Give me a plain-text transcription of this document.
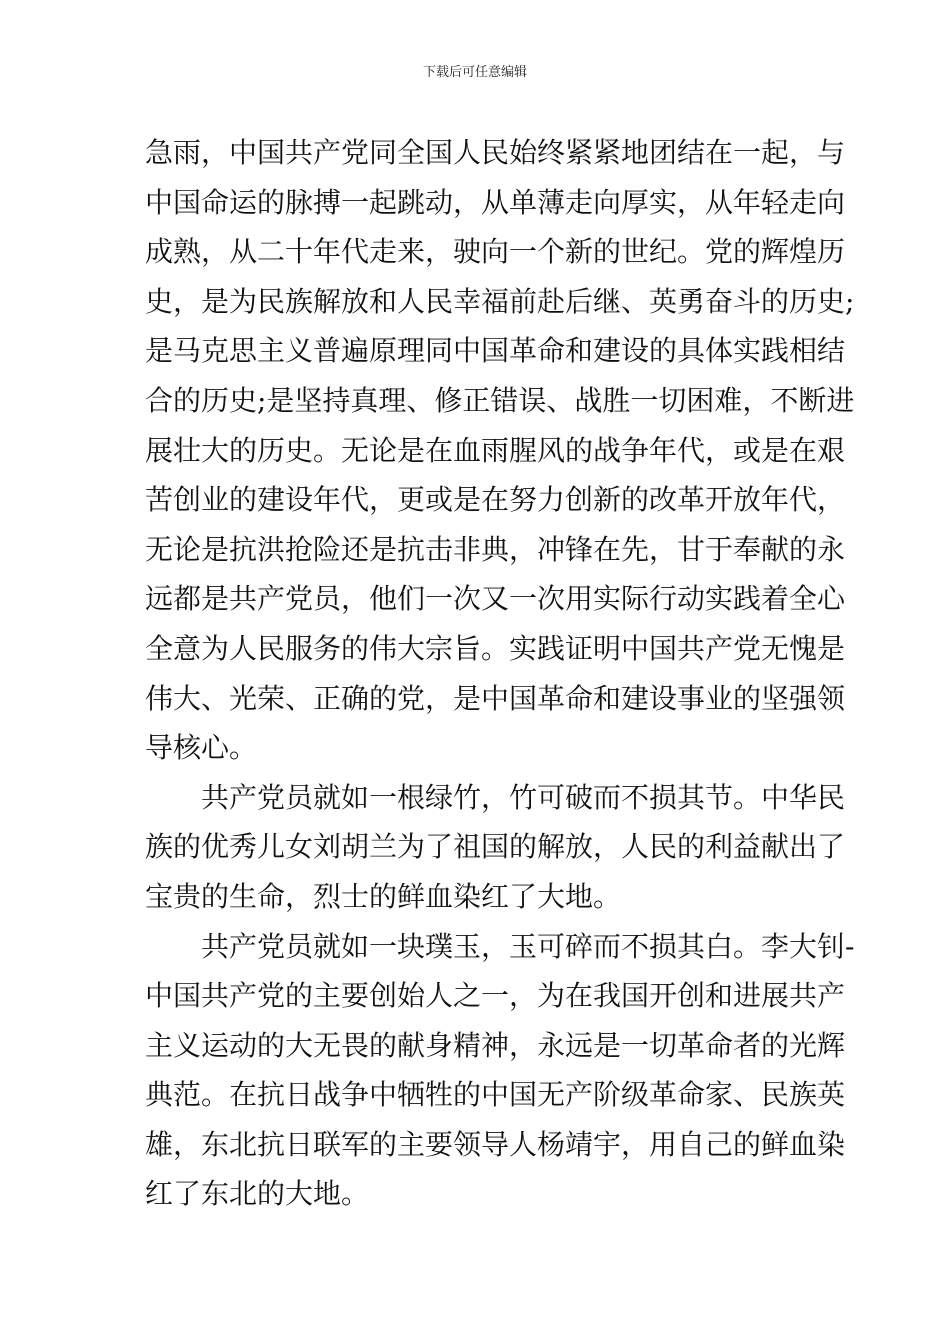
下载后可任意编辑
急雨，中国共产党同全国人民始终紧紧地团结在一起，与
中国命运的脉搏一起跳动，从单薄走向厚实，从年轻走向
成熟，从二十年代走来，驶向一个新的世纪。党的辉煌历
史，是为民族解放和人民幸福前赴后继、英勇奋斗的历史;
是马克思主义普遍原理同中国革命和建设的具体实践相结
合的历史;是坚持真理、修正错误、战胜一切困难，不断进
展壮大的历史。无论是在血雨腥风的战争年代，或是在艰
苦创业的建设年代，更或是在努力创新的改革开放年代，
无论是抗洪抢险还是抗击非典，冲锋在先，甘于奉献的永
远都是共产党员，他们一次又一次用实际行动实践着全心
全意为人民服务的伟大宗旨。实践证明中国共产党无愧是
伟大、光荣、正确的党，是中国革命和建设事业的坚强领
导核心。
共产党员就如一根绿竹，竹可破而不损其节。中华民
族的优秀儿女刘胡兰为了祖国的解放，人民的利益献出了
宝贵的生命，烈士的鲜血染红了大地。
共产党员就如一块璞玉，玉可碎而不损其白。李大钊-
中国共产党的主要创始人之一，为在我国开创和进展共产
主义运动的大无畏的献身精神，永远是一切革命者的光辉
典范。在抗日战争中牺牲的中国无产阶级革命家、民族英
雄，东北抗日联军的主要领导人杨靖宇，用自己的鲜血染
红了东北的大地。
